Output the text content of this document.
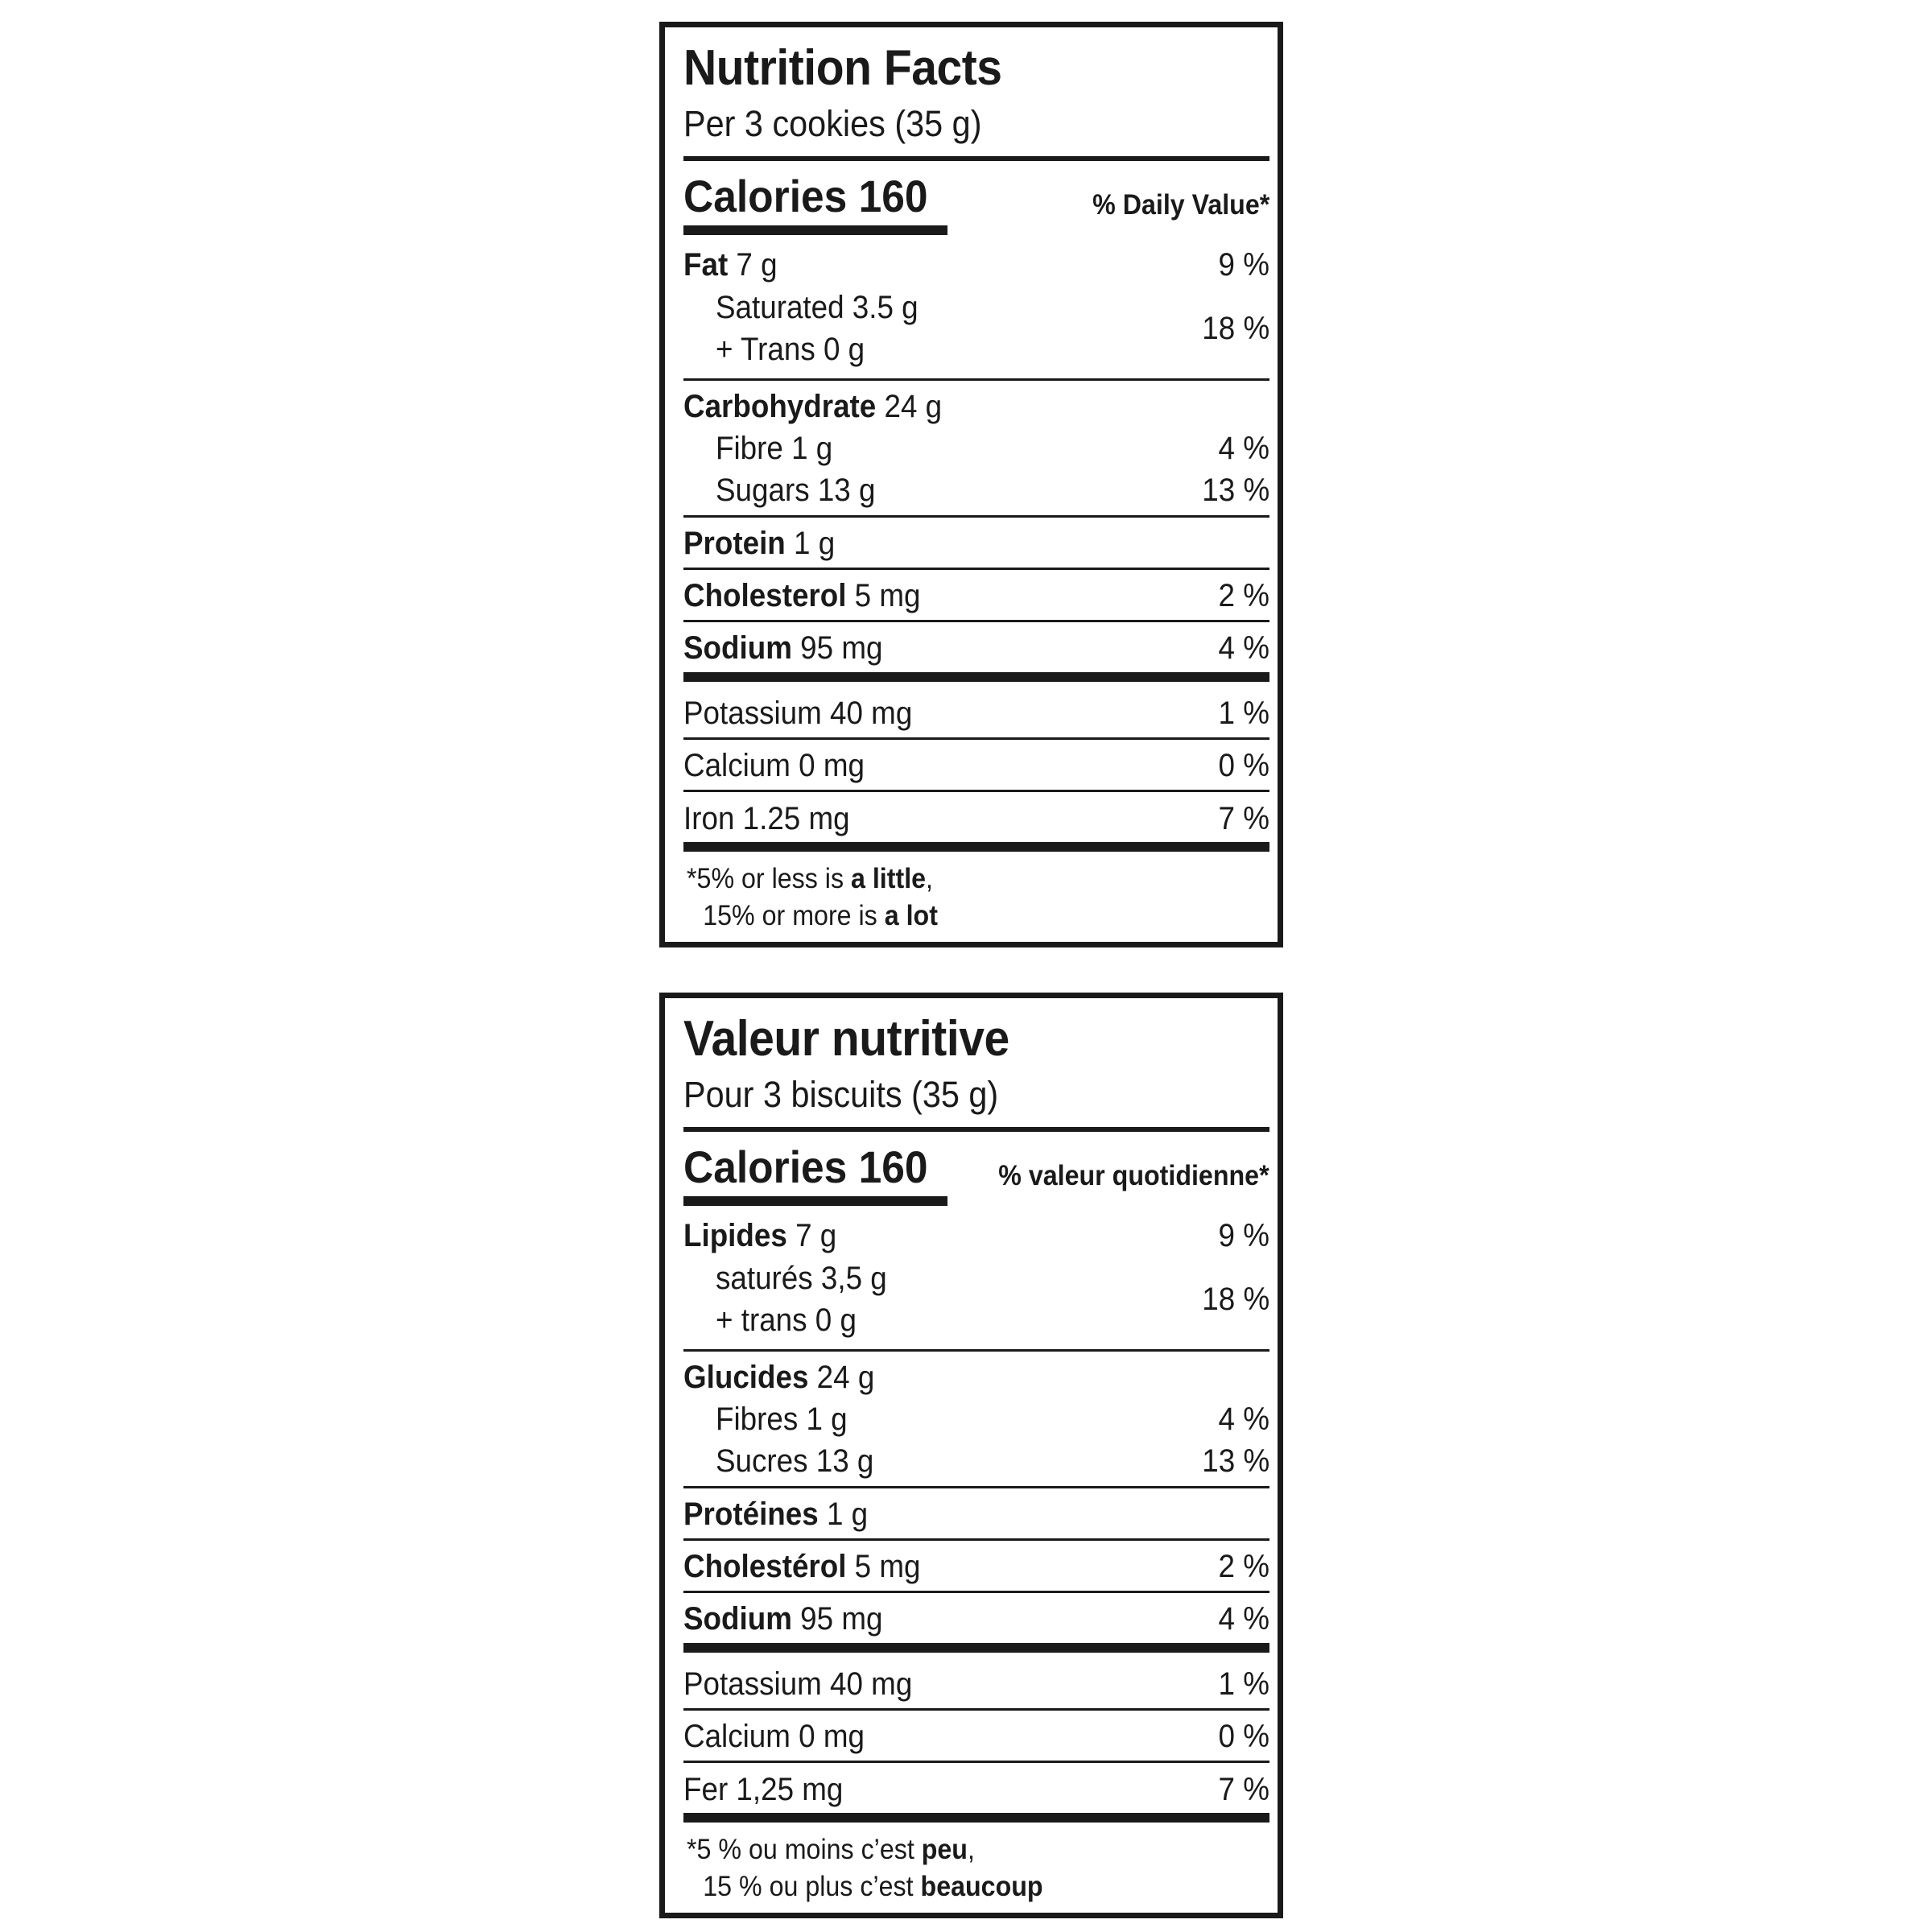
Nutrition Facts
Per 3 cookies (35 g)
Calories 160	% Daily Value*
Fat 7 g	9 %
Saturated 3.5 g
+ Trans 0 g
18 %
Carbohydrate 24 g
Fibre 1 g	4 %
Sugars 13 g	13 %
Protein 1 g
Cholesterol 5 mg	2 %
Sodium 95 mg	4 %
Potassium 40 mg	1 %
Calcium 0 mg	0 %
Iron 1.25 mg	7 %
*5% or less is a little,
15% or more is a lot
Valeur nutritive
Pour 3 biscuits (35 g)
Calories 160	% valeur quotidienne*
Lipides 7 g	9 %
saturés 3,5 g
+ trans 0 g
18 %
Glucides 24 g
Fibres 1 g	4 %
Sucres 13 g	13 %
Protéines 1 g
Cholestérol 5 mg	2 %
Sodium 95 mg	4 %
Potassium 40 mg	1 %
Calcium 0 mg	0 %
Fer 1,25 mg	7 %
*5 % ou moins c’est peu,
15 % ou plus c’est beaucoup
